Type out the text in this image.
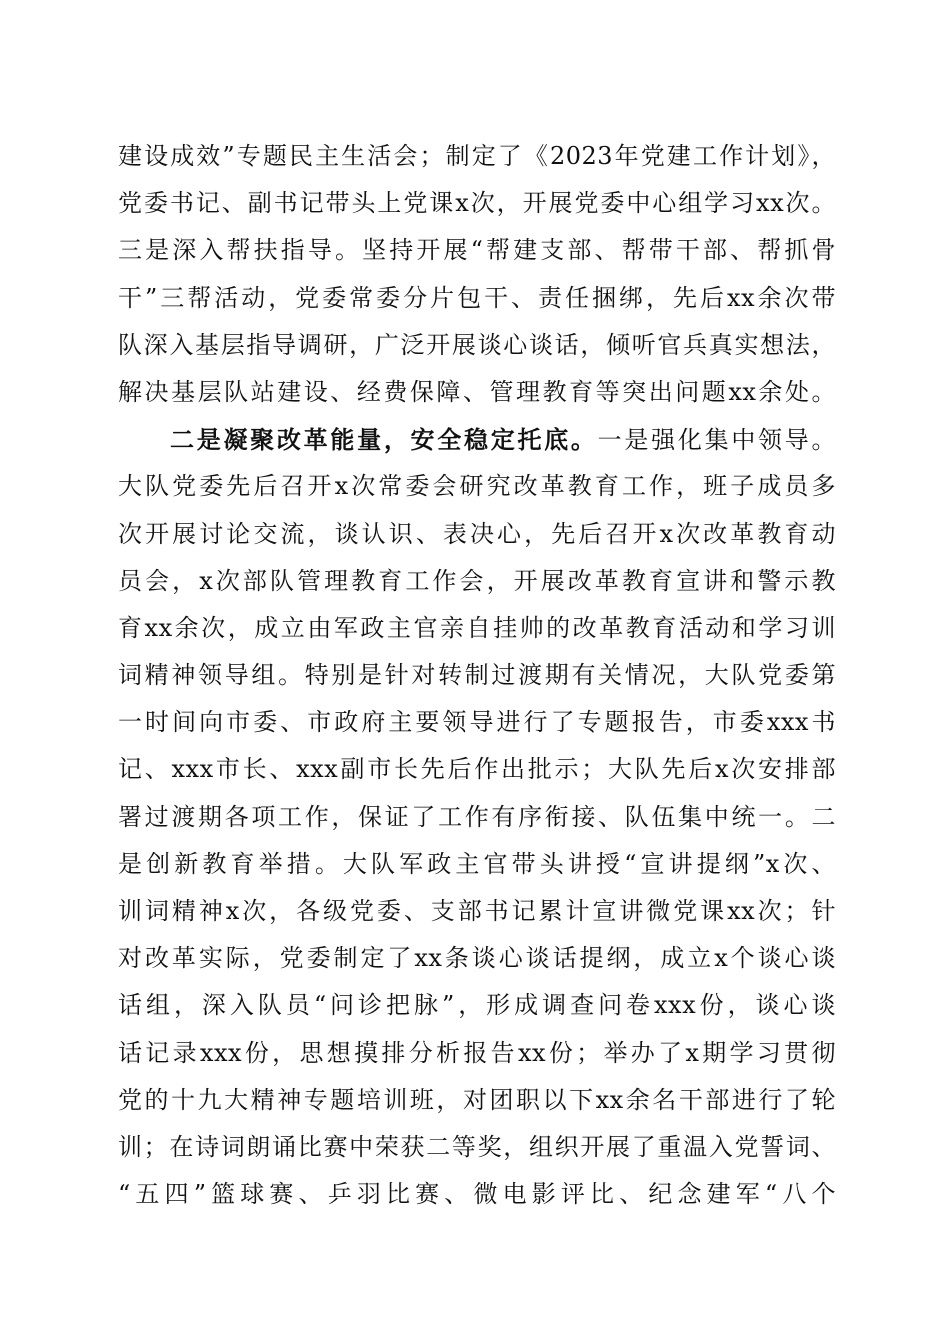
建设成效”专题民主生活会；制定了《2023年党建工作计划》，
党委书记、副书记带头上党课x次，开展党委中心组学习xx次。
三是深入帮扶指导。坚持开展“帮建支部、帮带干部、帮抓骨
干”三帮活动，党委常委分片包干、责任捆绑，先后xx余次带
队深入基层指导调研，广泛开展谈心谈话，倾听官兵真实想法，
解决基层队站建设、经费保障、管理教育等突出问题xx余处。
二是凝聚改革能量，安全稳定托底。一是强化集中领导。
大队党委先后召开x次常委会研究改革教育工作，班子成员多
次开展讨论交流，谈认识、表决心，先后召开x次改革教育动
员会，x次部队管理教育工作会，开展改革教育宣讲和警示教
育xx余次，成立由军政主官亲自挂帅的改革教育活动和学习训
词精神领导组。特别是针对转制过渡期有关情况，大队党委第
一时间向市委、市政府主要领导进行了专题报告，市委xxx书
记、xxx市长、xxx副市长先后作出批示；大队先后x次安排部
署过渡期各项工作，保证了工作有序衔接、队伍集中统一。二
是创新教育举措。大队军政主官带头讲授“宣讲提纲”x次、
训词精神x次，各级党委、支部书记累计宣讲微党课xx次；针
对改革实际，党委制定了xx条谈心谈话提纲，成立x个谈心谈
话组，深入队员“问诊把脉”，形成调查问卷xxx份，谈心谈
话记录xxx份，思想摸排分析报告xx份；举办了x期学习贯彻
党的十九大精神专题培训班，对团职以下xx余名干部进行了轮
训；在诗词朗诵比赛中荣获二等奖，组织开展了重温入党誓词、
“五四”篮球赛、乒羽比赛、微电影评比、纪念建军“八个
